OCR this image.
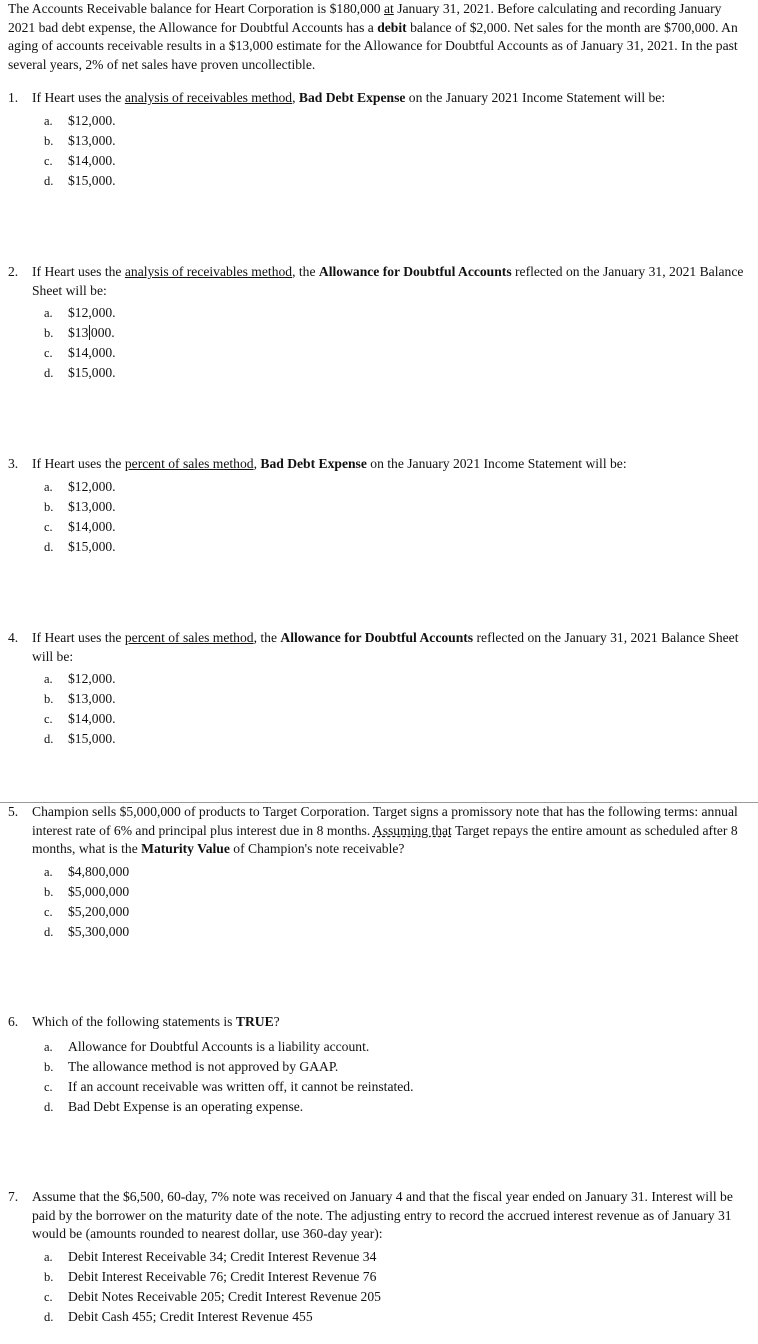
The Accounts Receivable balance for Heart Corporation is $180,000 at January 31, 2021. Before calculating and recording January 2021 bad debt expense, the Allowance for Doubtful Accounts has a debit balance of $2,000. Net sales for the month are $700,000. An aging of accounts receivable results in a $13,000 estimate for the Allowance for Doubtful Accounts as of January 31, 2021. In the past several years, 2% of net sales have proven uncollectible.
1. If Heart uses the analysis of receivables method, Bad Debt Expense on the January 2021 Income Statement will be:
a. $12,000.
b. $13,000.
c. $14,000.
d. $15,000.
2. If Heart uses the analysis of receivables method, the Allowance for Doubtful Accounts reflected on the January 31, 2021 Balance Sheet will be:
a. $12,000.
b. $13 000.
c. $14,000.
d. $15,000.
3. If Heart uses the percent of sales method, Bad Debt Expense on the January 2021 Income Statement will be:
a. $12,000.
b. $13,000.
c. $14,000.
d. $15,000.
4. If Heart uses the percent of sales method, the Allowance for Doubtful Accounts reflected on the January 31, 2021 Balance Sheet will be:
a. $12,000.
b. $13,000.
c. $14,000.
d. $15,000.
5. Champion sells $5,000,000 of products to Target Corporation. Target signs a promissory note that has the following terms: annual interest rate of 6% and principal plus interest due in 8 months. Assuming that Target repays the entire amount as scheduled after 8 months, what is the Maturity Value of Champion's note receivable?
a. $4,800,000
b. $5,000,000
c. $5,200,000
d. $5,300,000
6. Which of the following statements is TRUE?
a. Allowance for Doubtful Accounts is a liability account.
b. The allowance method is not approved by GAAP.
c. If an account receivable was written off, it cannot be reinstated.
d. Bad Debt Expense is an operating expense.
7. Assume that the $6,500, 60-day, 7% note was received on January 4 and that the fiscal year ended on January 31. Interest will be paid by the borrower on the maturity date of the note. The adjusting entry to record the accrued interest revenue as of January 31 would be (amounts rounded to nearest dollar, use 360-day year):
a. Debit Interest Receivable 34; Credit Interest Revenue 34
b. Debit Interest Receivable 76; Credit Interest Revenue 76
c. Debit Notes Receivable 205; Credit Interest Revenue 205
d. Debit Cash 455; Credit Interest Revenue 455
